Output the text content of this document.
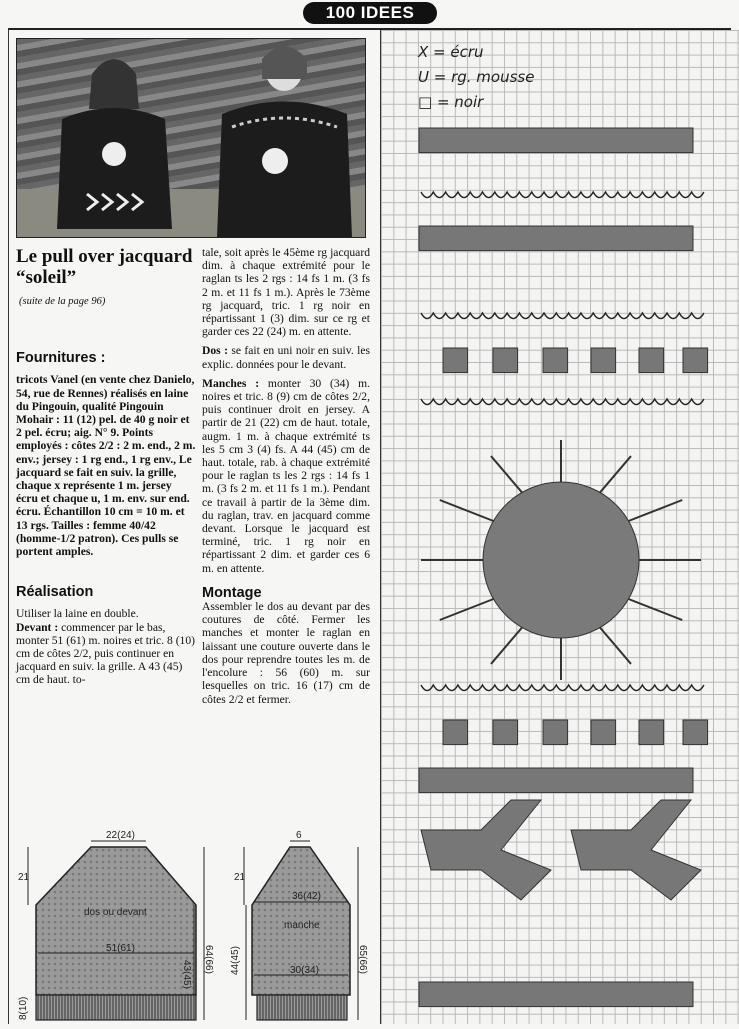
100 IDEES
Le pull over jacquard “soleil”

(suite de la page 96)

Fournitures :

tricots Vanel (en vente chez Danielo, 54, rue de Rennes) réalisés en laine du Pingouin, qualité Pingouin Mohair : 11 (12) pel. de 40 g noir et 2 pel. écru; aig. N° 9. Points employés : côtes 2/2 : 2 m. end., 2 m. env.; jersey : 1 rg end., 1 rg env., Le jacquard se fait en suiv. la grille, chaque x représente 1 m. jersey écru et chaque u, 1 m. env. sur end. écru. Échantillon 10 cm = 10 m. et 13 rgs. Tailles : femme 40/42 (homme-1/2 patron). Ces pulls se portent amples.

Réalisation

Utiliser la laine en double.

Devant : commencer par le bas, monter 51 (61) m. noires et tric. 8 (10) cm de côtes 2/2, puis continuer en jacquard en suiv. la grille. A 43 (45) cm de haut. to-

tale, soit après le 45ème rg jacquard dim. à chaque extrémité pour le raglan ts les 2 rgs : 14 fs 1 m. (3 fs 2 m. et 11 fs 1 m.). Après le 73ème rg jacquard, tric. 1 rg noir en répartissant 1 (3) dim. sur ce rg et garder ces 22 (24) m. en attente.

Dos : se fait en uni noir en suiv. les explic. données pour le devant.

Manches : monter 30 (34) m. noires et tric. 8 (9) cm de côtes 2/2, puis continuer droit en jersey. A partir de 21 (22) cm de haut. totale, augm. 1 m. à chaque extrémité ts les 5 cm 3 (4) fs. A 44 (45) cm de haut. totale, rab. à chaque extrémité pour le raglan ts les 2 rgs : 14 fs 1 m. (3 fs 2 m. et 11 fs 1 m.). Pendant ce travail à partir de la 3ème dim. du raglan, trav. en jacquard comme devant. Lorsque le jacquard est terminé, tric. 1 rg noir en répartissant 2 dim. et garder ces 6 m. en attente.

Montage

Assembler le dos au devant par des coutures de côté. Fermer les manches et monter le raglan en laissant une couture ouverte dans le dos pour reprendre toutes les m. de l'encolure : 56 (60) m. sur lesquelles on tric. 16 (17) cm de côtes 2/2 et fermer.

22(24)
dos ou devant
51(61)
21
64(66)
43(45)
8(10)
6
36(42)
manche
30(34)
21
44(45)	65(66)
X = écru
U = rg. mousse
□ = noir
